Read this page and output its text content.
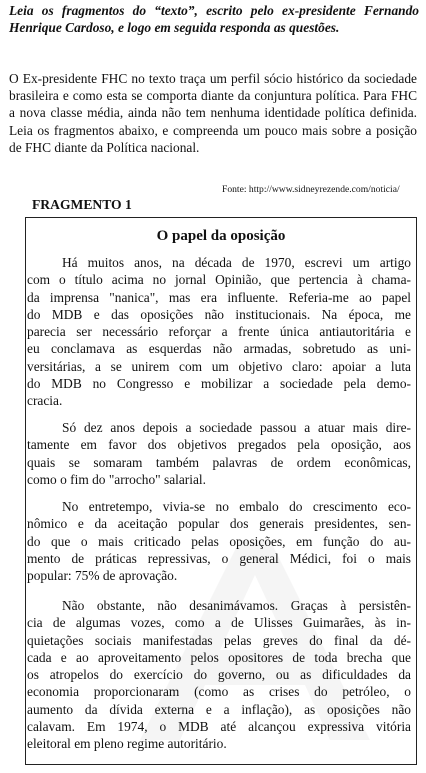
Leia os fragmentos do “texto”, escrito pelo ex-presidente Fernando Henrique Cardoso, e logo em seguida responda as questões.

O Ex-presidente FHC no texto traça um perfil sócio histórico da sociedade brasileira e como esta se comporta diante da conjuntura política. Para FHC a nova classe média, ainda não tem nenhuma identidade política definida. Leia os fragmentos abaixo, e compreenda um pouco mais sobre a posição de FHC diante da Política nacional.

Fonte: http://www.sidneyrezende.com/noticia/
FRAGMENTO 1
O papel da oposição
Há muitos anos, na década de 1970, escrevi um artigo
com o título acima no jornal Opinião, que pertencia à chama-
da imprensa "nanica", mas era influente. Referia-me ao papel
do MDB e das oposições não institucionais. Na época, me
parecia ser necessário reforçar a frente única antiautoritária e
eu conclamava as esquerdas não armadas, sobretudo as uni-
versitárias, a se unirem com um objetivo claro: apoiar a luta
do MDB no Congresso e mobilizar a sociedade pela demo-
cracia.
Só dez anos depois a sociedade passou a atuar mais dire-
tamente em favor dos objetivos pregados pela oposição, aos
quais se somaram também palavras de ordem econômicas,
como o fim do "arrocho" salarial.
No entretempo, vivia-se no embalo do crescimento eco-
nômico e da aceitação popular dos generais presidentes, sen-
do que o mais criticado pelas oposições, em função do au-
mento de práticas repressivas, o general Médici, foi o mais
popular: 75% de aprovação.
Não obstante, não desanimávamos. Graças à persistên-
cia de algumas vozes, como a de Ulisses Guimarães, às in-
quietações sociais manifestadas pelas greves do final da dé-
cada e ao aproveitamento pelos opositores de toda brecha que
os atropelos do exercício do governo, ou as dificuldades da
economia proporcionaram (como as crises do petróleo, o
aumento da dívida externa e a inflação), as oposições não
calavam. Em 1974, o MDB até alcançou expressiva vitória
eleitoral em pleno regime autoritário.
